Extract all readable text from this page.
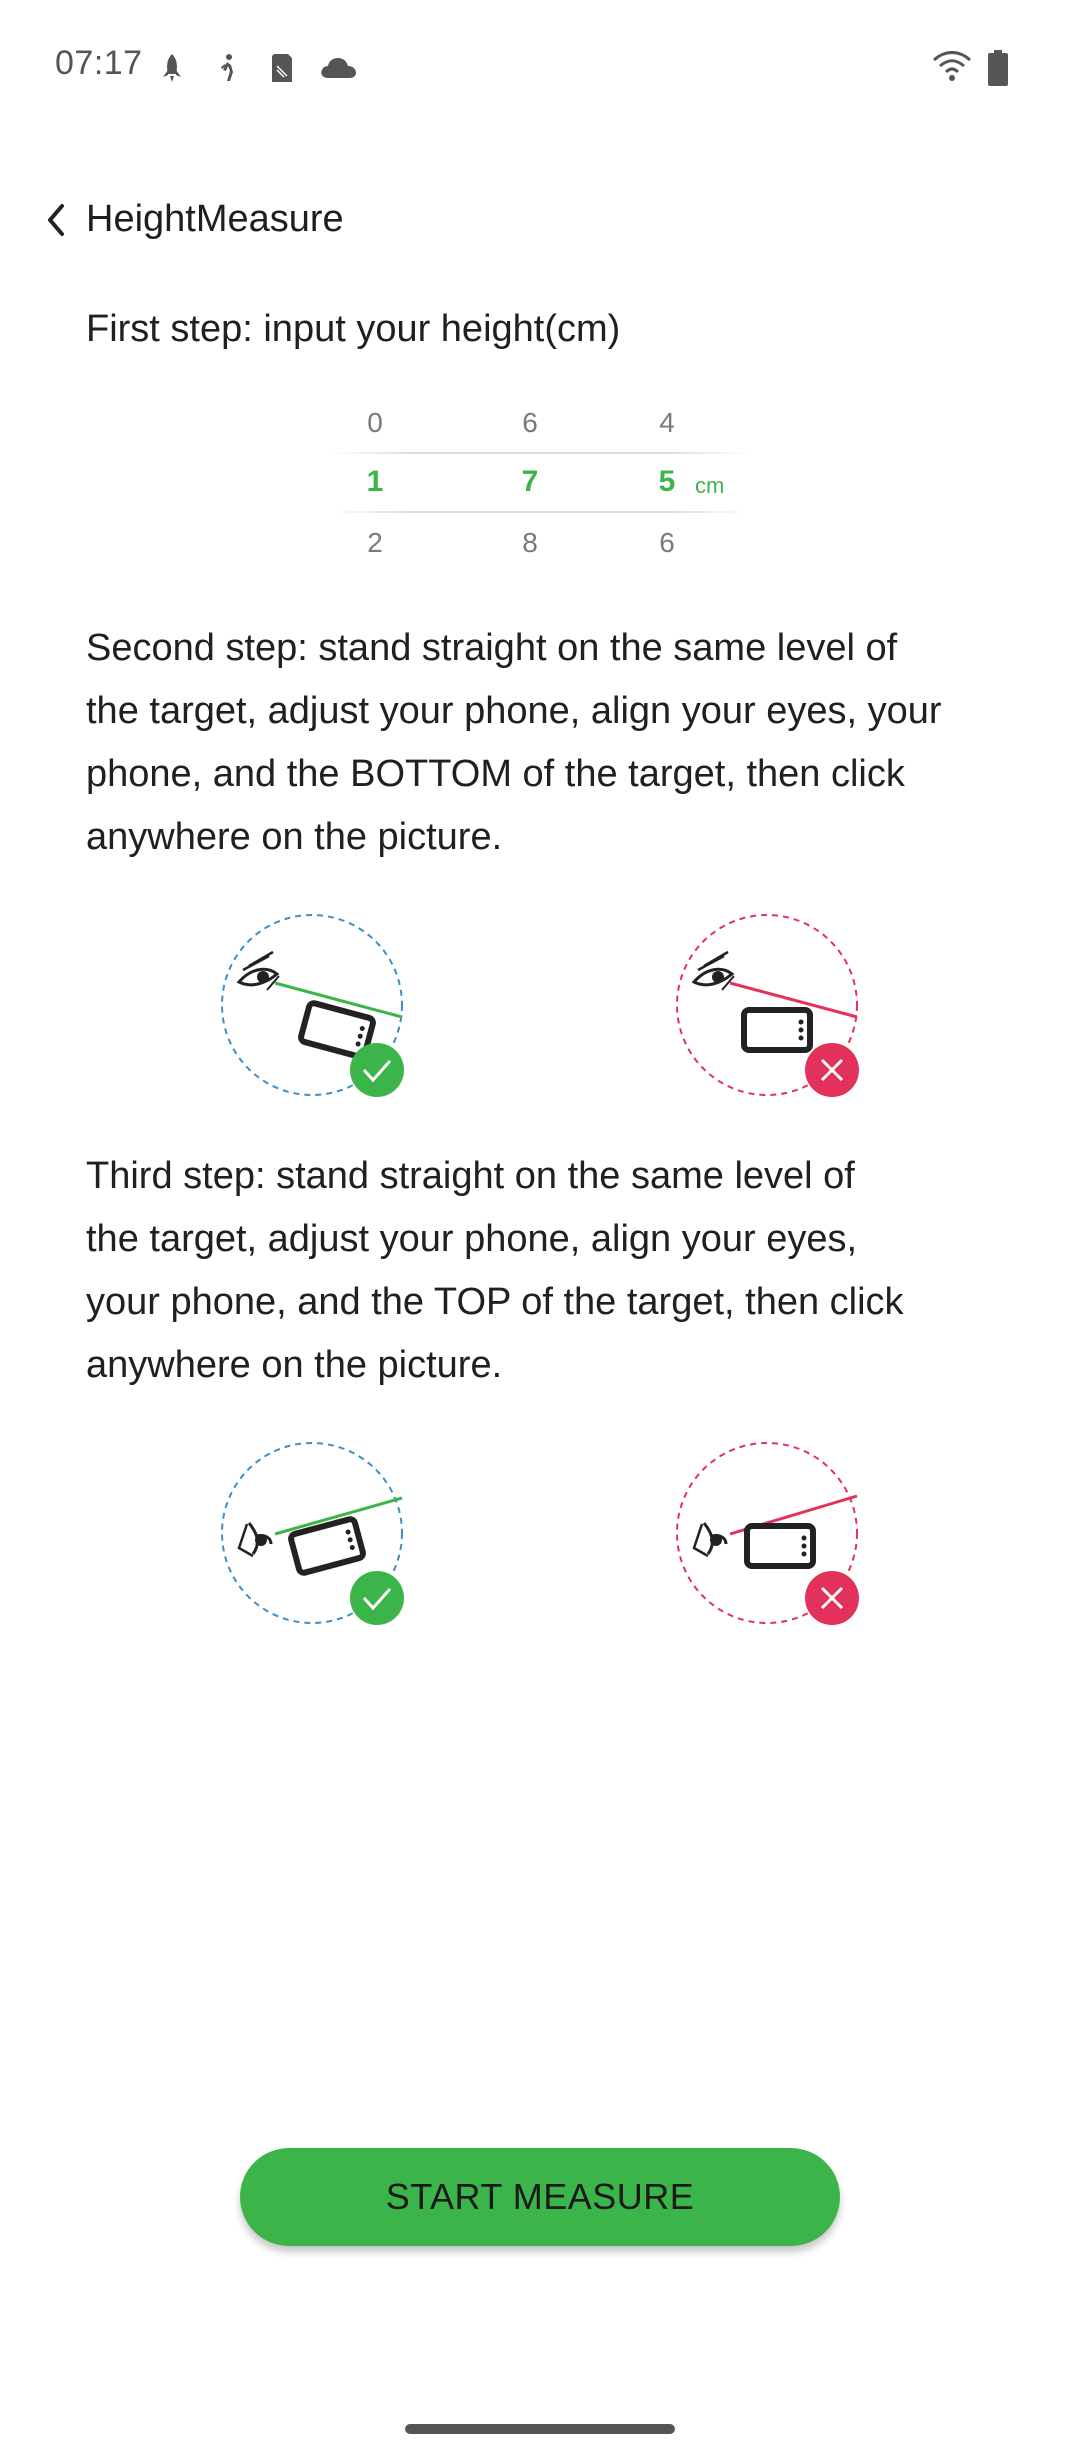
07:17
HeightMeasure
First step: input your height(cm)
0
1
2
6
7
8
4
5
6
cm
Second step: stand straight on the same level of
the target, adjust your phone, align your eyes, your
phone, and the BOTTOM of the target, then click
anywhere on the picture.
Third step: stand straight on the same level of
the target, adjust your phone, align your eyes,
your phone, and the TOP of the target, then click
anywhere on the picture.
START MEASURE
